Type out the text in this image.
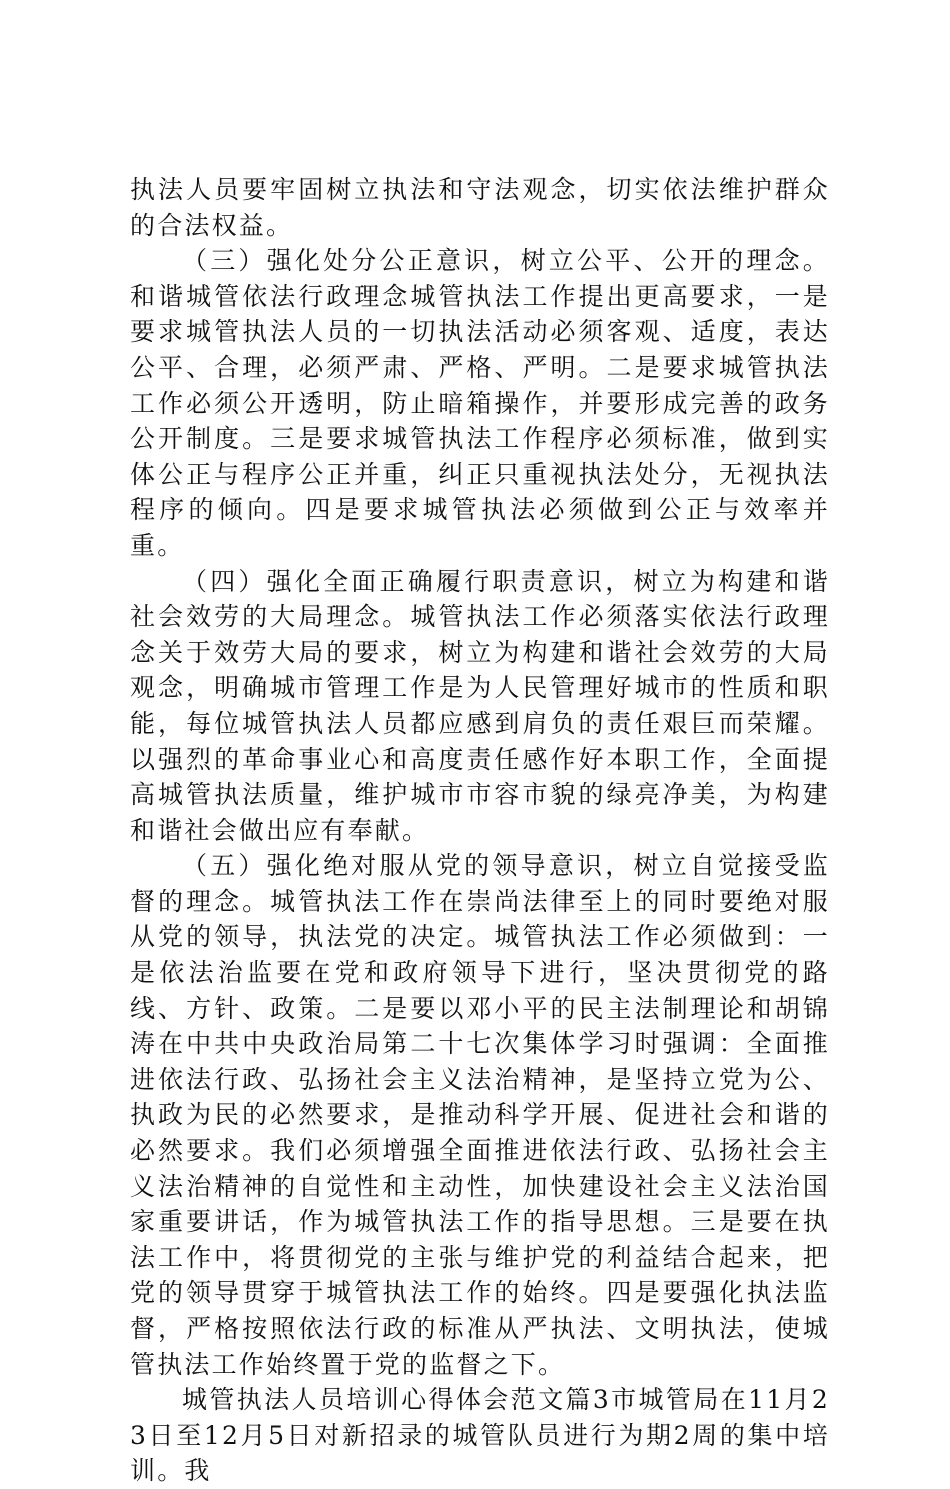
执法人员要牢固树立执法和守法观念，切实依法维护群众的合法权益。

（三）强化处分公正意识，树立公平、公开的理念。和谐城管依法行政理念城管执法工作提出更高要求，一是要求城管执法人员的一切执法活动必须客观、适度，表达公平、合理，必须严肃、严格、严明。二是要求城管执法工作必须公开透明，防止暗箱操作，并要形成完善的政务公开制度。三是要求城管执法工作程序必须标准，做到实体公正与程序公正并重，纠正只重视执法处分，无视执法程序的倾向。四是要求城管执法必须做到公正与效率并重。

（四）强化全面正确履行职责意识，树立为构建和谐社会效劳的大局理念。城管执法工作必须落实依法行政理念关于效劳大局的要求，树立为构建和谐社会效劳的大局观念，明确城市管理工作是为人民管理好城市的性质和职能，每位城管执法人员都应感到肩负的责任艰巨而荣耀。以强烈的革命事业心和高度责任感作好本职工作，全面提高城管执法质量，维护城市市容市貌的绿亮净美，为构建和谐社会做出应有奉献。

（五）强化绝对服从党的领导意识，树立自觉接受监督的理念。城管执法工作在崇尚法律至上的同时要绝对服从党的领导，执法党的决定。城管执法工作必须做到：一是依法治监要在党和政府领导下进行，坚决贯彻党的路线、方针、政策。二是要以邓小平的民主法制理论和胡锦涛在中共中央政治局第二十七次集体学习时强调：全面推进依法行政、弘扬社会主义法治精神，是坚持立党为公、执政为民的必然要求，是推动科学开展、促进社会和谐的必然要求。我们必须增强全面推进依法行政、弘扬社会主义法治精神的自觉性和主动性，加快建设社会主义法治国家重要讲话，作为城管执法工作的指导思想。三是要在执法工作中，将贯彻党的主张与维护党的利益结合起来，把党的领导贯穿于城管执法工作的始终。四是要强化执法监督，严格按照依法行政的标准从严执法、文明执法，使城管执法工作始终置于党的监督之下。

城管执法人员培训心得体会范文篇3市城管局在11月23日至12月5日对新招录的城管队员进行为期2周的集中培训。我
